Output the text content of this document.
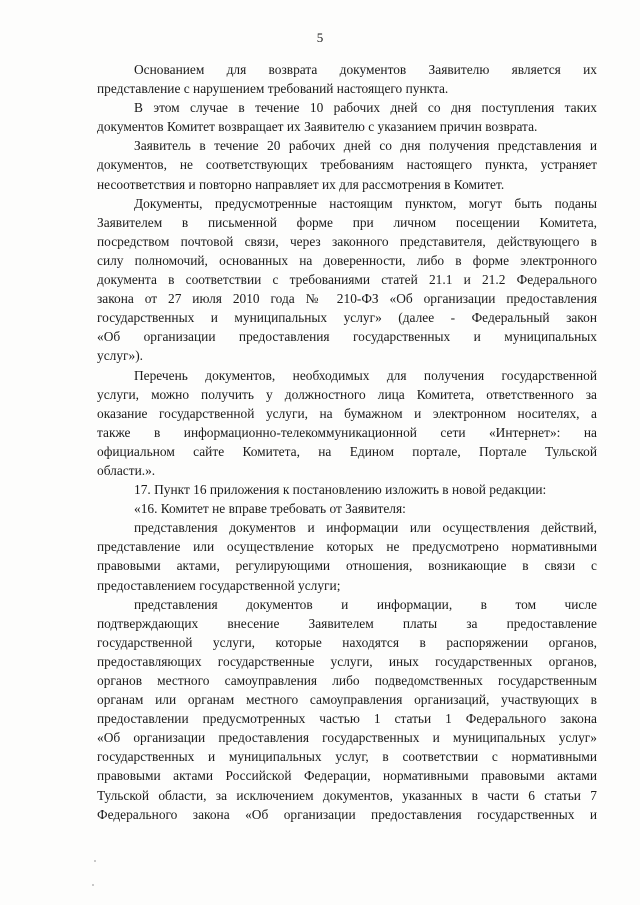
5
Основанием для возврата документов Заявителю является их
представление с нарушением требований настоящего пункта.
В этом случае в течение 10 рабочих дней со дня поступления таких
документов Комитет возвращает их Заявителю с указанием причин возврата.
Заявитель в течение 20 рабочих дней со дня получения представления и
документов, не соответствующих требованиям настоящего пункта, устраняет
несоответствия и повторно направляет их для рассмотрения в Комитет.
Документы, предусмотренные настоящим пунктом, могут быть поданы
Заявителем в письменной форме при личном посещении Комитета,
посредством почтовой связи, через законного представителя, действующего в
силу полномочий, основанных на доверенности, либо в форме электронного
документа в соответствии с требованиями статей 21.1 и 21.2 Федерального
закона от 27 июля 2010 года № 210-ФЗ «Об организации предоставления
государственных и муниципальных услуг» (далее - Федеральный закон
«Об организации предоставления государственных и муниципальных
услуг»).
Перечень документов, необходимых для получения государственной
услуги, можно получить у должностного лица Комитета, ответственного за
оказание государственной услуги, на бумажном и электронном носителях, а
также в информационно-телекоммуникационной сети «Интернет»: на
официальном сайте Комитета, на Едином портале, Портале Тульской
области.».
17. Пункт 16 приложения к постановлению изложить в новой редакции:
«16. Комитет не вправе требовать от Заявителя:
представления документов и информации или осуществления действий,
представление или осуществление которых не предусмотрено нормативными
правовыми актами, регулирующими отношения, возникающие в связи с
предоставлением государственной услуги;
представления документов и информации, в том числе
подтверждающих внесение Заявителем платы за предоставление
государственной услуги, которые находятся в распоряжении органов,
предоставляющих государственные услуги, иных государственных органов,
органов местного самоуправления либо подведомственных государственным
органам или органам местного самоуправления организаций, участвующих в
предоставлении предусмотренных частью 1 статьи 1 Федерального закона
«Об организации предоставления государственных и муниципальных услуг»
государственных и муниципальных услуг, в соответствии с нормативными
правовыми актами Российской Федерации, нормативными правовыми актами
Тульской области, за исключением документов, указанных в части 6 статьи 7
Федерального закона «Об организации предоставления государственных и
